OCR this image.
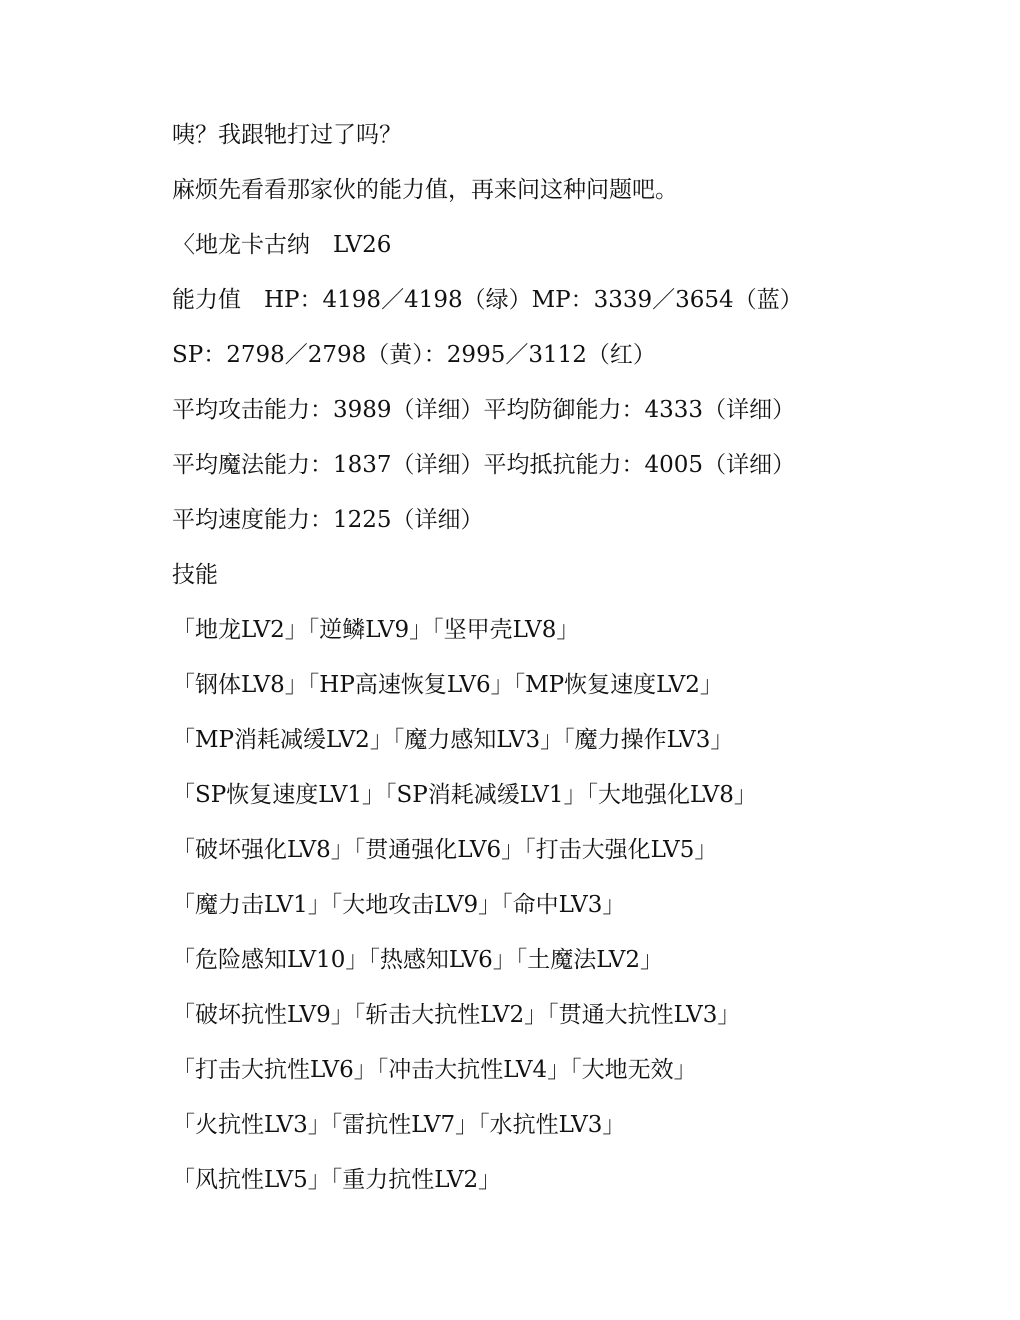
咦？我跟牠打过了吗？
麻烦先看看那家伙的能力值，再来问这种问题吧。
〈地龙卡古纳　LV26
能力值　HP：4198／4198（绿）MP：3339／3654（蓝）
SP：2798／2798（黄）：2995／3112（红）
平均攻击能力：3989（详细）平均防御能力：4333（详细）
平均魔法能力：1837（详细）平均抵抗能力：4005（详细）
平均速度能力：1225（详细）
技能
「地龙LV2」「逆鳞LV9」「坚甲壳LV8」
「钢体LV8」「HP高速恢复LV6」「MP恢复速度LV2」
「MP消耗减缓LV2」「魔力感知LV3」「魔力操作LV3」
「SP恢复速度LV1」「SP消耗减缓LV1」「大地强化LV8」
「破坏强化LV8」「贯通强化LV6」「打击大强化LV5」
「魔力击LV1」「大地攻击LV9」「命中LV3」
「危险感知LV10」「热感知LV6」「土魔法LV2」
「破坏抗性LV9」「斩击大抗性LV2」「贯通大抗性LV3」
「打击大抗性LV6」「冲击大抗性LV4」「大地无效」
「火抗性LV3」「雷抗性LV7」「水抗性LV3」
「风抗性LV5」「重力抗性LV2」
